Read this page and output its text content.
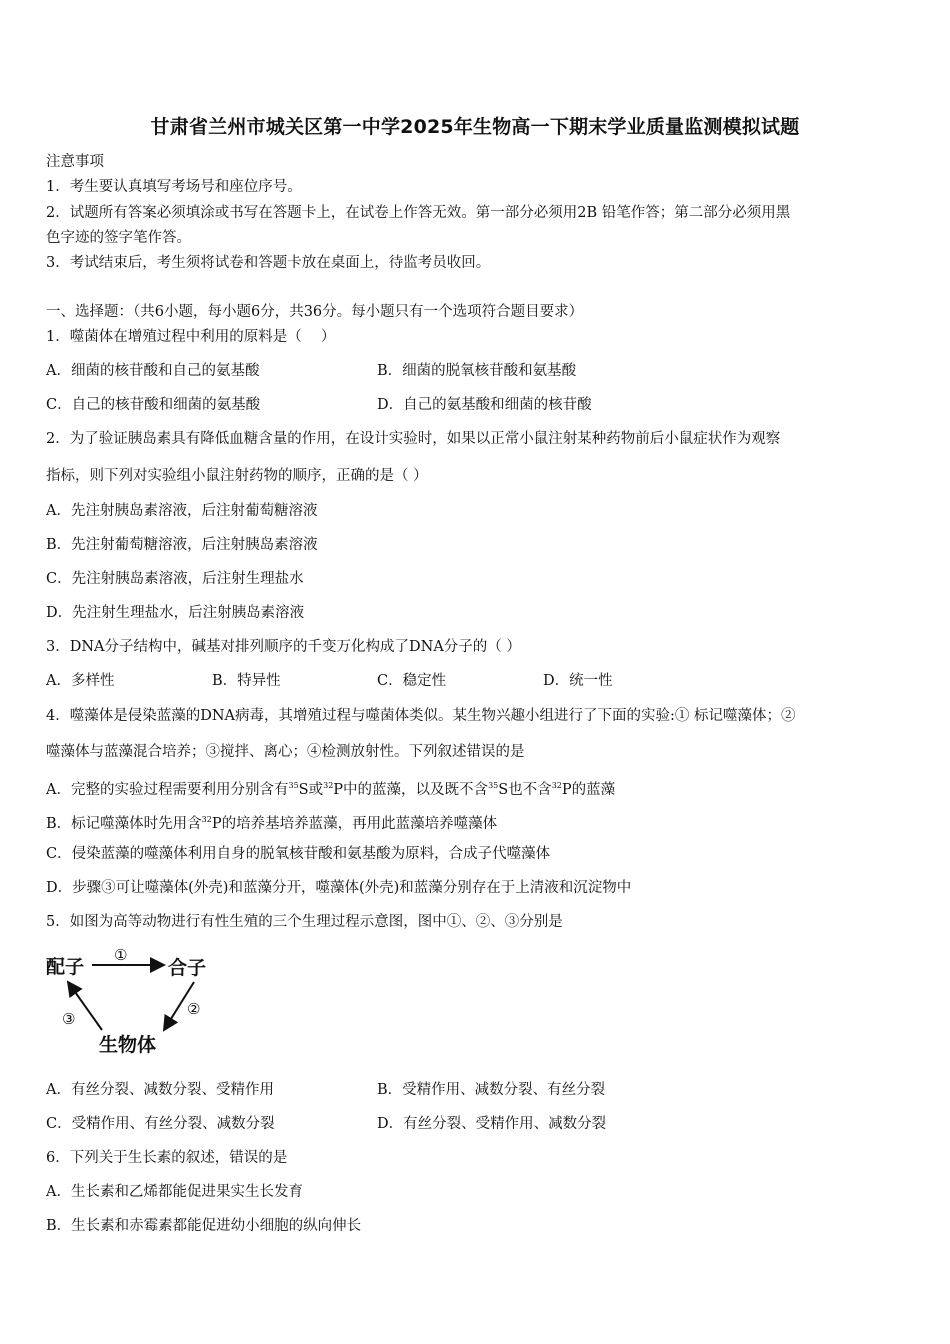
甘肃省兰州市城关区第一中学2025年生物高一下期末学业质量监测模拟试题
注意事项
1．考生要认真填写考场号和座位序号。
2．试题所有答案必须填涂或书写在答题卡上，在试卷上作答无效。第一部分必须用2B 铅笔作答；第二部分必须用黑
色字迹的签字笔作答。
3．考试结束后，考生须将试卷和答题卡放在桌面上，待监考员收回。
一、选择题：（共6小题，每小题6分，共36分。每小题只有一个选项符合题目要求）
1．噬菌体在增殖过程中利用的原料是（　 ）
A．细菌的核苷酸和自己的氨基酸	B．细菌的脱氧核苷酸和氨基酸
C．自己的核苷酸和细菌的氨基酸	D．自己的氨基酸和细菌的核苷酸
2．为了验证胰岛素具有降低血糖含量的作用，在设计实验时，如果以正常小鼠注射某种药物前后小鼠症状作为观察
指标，则下列对实验组小鼠注射药物的顺序，正确的是（ ）
A．先注射胰岛素溶液，后注射葡萄糖溶液
B．先注射葡萄糖溶液，后注射胰岛素溶液
C．先注射胰岛素溶液，后注射生理盐水
D．先注射生理盐水，后注射胰岛素溶液
3．DNA分子结构中，碱基对排列顺序的千变万化构成了DNA分子的（ ）
A．多样性	B．特异性	C．稳定性	D．统一性
4．噬藻体是侵染蓝藻的DNA病毒，其增殖过程与噬菌体类似。某生物兴趣小组进行了下面的实验:① 标记噬藻体；②
噬藻体与蓝藻混合培养；③搅拌、离心；④检测放射性。下列叙述错误的是
A．完整的实验过程需要利用分别含有$^{35}$S或$^{32}$P中的蓝藻，以及既不含$^{35}$S也不含$^{32}$P的蓝藻
B．标记噬藻体时先用含$^{32}$P的培养基培养蓝藻，再用此蓝藻培养噬藻体
C．侵染蓝藻的噬藻体利用自身的脱氧核苷酸和氨基酸为原料，合成子代噬藻体
D．步骤③可让噬藻体(外壳)和蓝藻分开，噬藻体(外壳)和蓝藻分别存在于上清液和沉淀物中
5．如图为高等动物进行有性生殖的三个生理过程示意图，图中①、②、③分别是
配子	合子
生物体
①
②
③
A．有丝分裂、减数分裂、受精作用	B．受精作用、减数分裂、有丝分裂
C．受精作用、有丝分裂、减数分裂	D．有丝分裂、受精作用、减数分裂
6．下列关于生长素的叙述，错误的是
A．生长素和乙烯都能促进果实生长发育
B．生长素和赤霉素都能促进幼小细胞的纵向伸长
